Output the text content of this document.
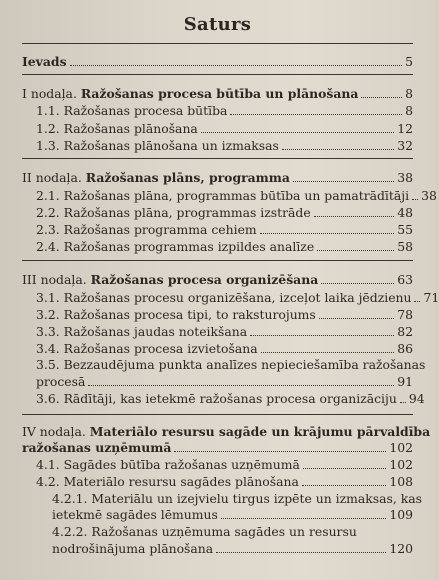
Saturs
Ievads	5
I nodaļa. Ražošanas procesa būtība un plānošana	8
1.1. Ražošanas procesa būtība	8
1.2. Ražošanas plānošana	12
1.3. Ražošanas plānošana un izmaksas	32
II nodaļa. Ražošanas plāns, programma	38
2.1. Ražošanas plāna, programmas būtība un pamatrādītāji 38
2.2. Ražošanas plāna, programmas izstrāde	48
2.3. Ražošanas programma cehiem	55
2.4. Ražošanas programmas izpildes analīze	58
III nodaļa. Ražošanas procesa organizēšana	63
3.1. Ražošanas procesu organizēšana, izceļot laika jēdzienu 71
3.2. Ražošanas procesa tipi, to raksturojums	78
3.3. Ražošanas jaudas noteikšana	82
3.4. Ražošanas procesa izvietošana	86
3.5. Bezzaudējuma punkta analīzes nepieciešamība ražošanas
procesā	91
3.6. Rādītāji, kas ietekmē ražošanas procesa organizāciju 94
IV nodaļa. Materiālo resursu sagāde un krājumu pārvaldība
ražošanas uzņēmumā	102
4.1. Sagādes būtība ražošanas uzņēmumā	102
4.2. Materiālo resursu sagādes plānošana	108
4.2.1. Materiālu un izejvielu tirgus izpēte un izmaksas, kas
ietekmē sagādes lēmumus	109
4.2.2. Ražošanas uzņēmuma sagādes un resursu
nodrošinājuma plānošana	120
